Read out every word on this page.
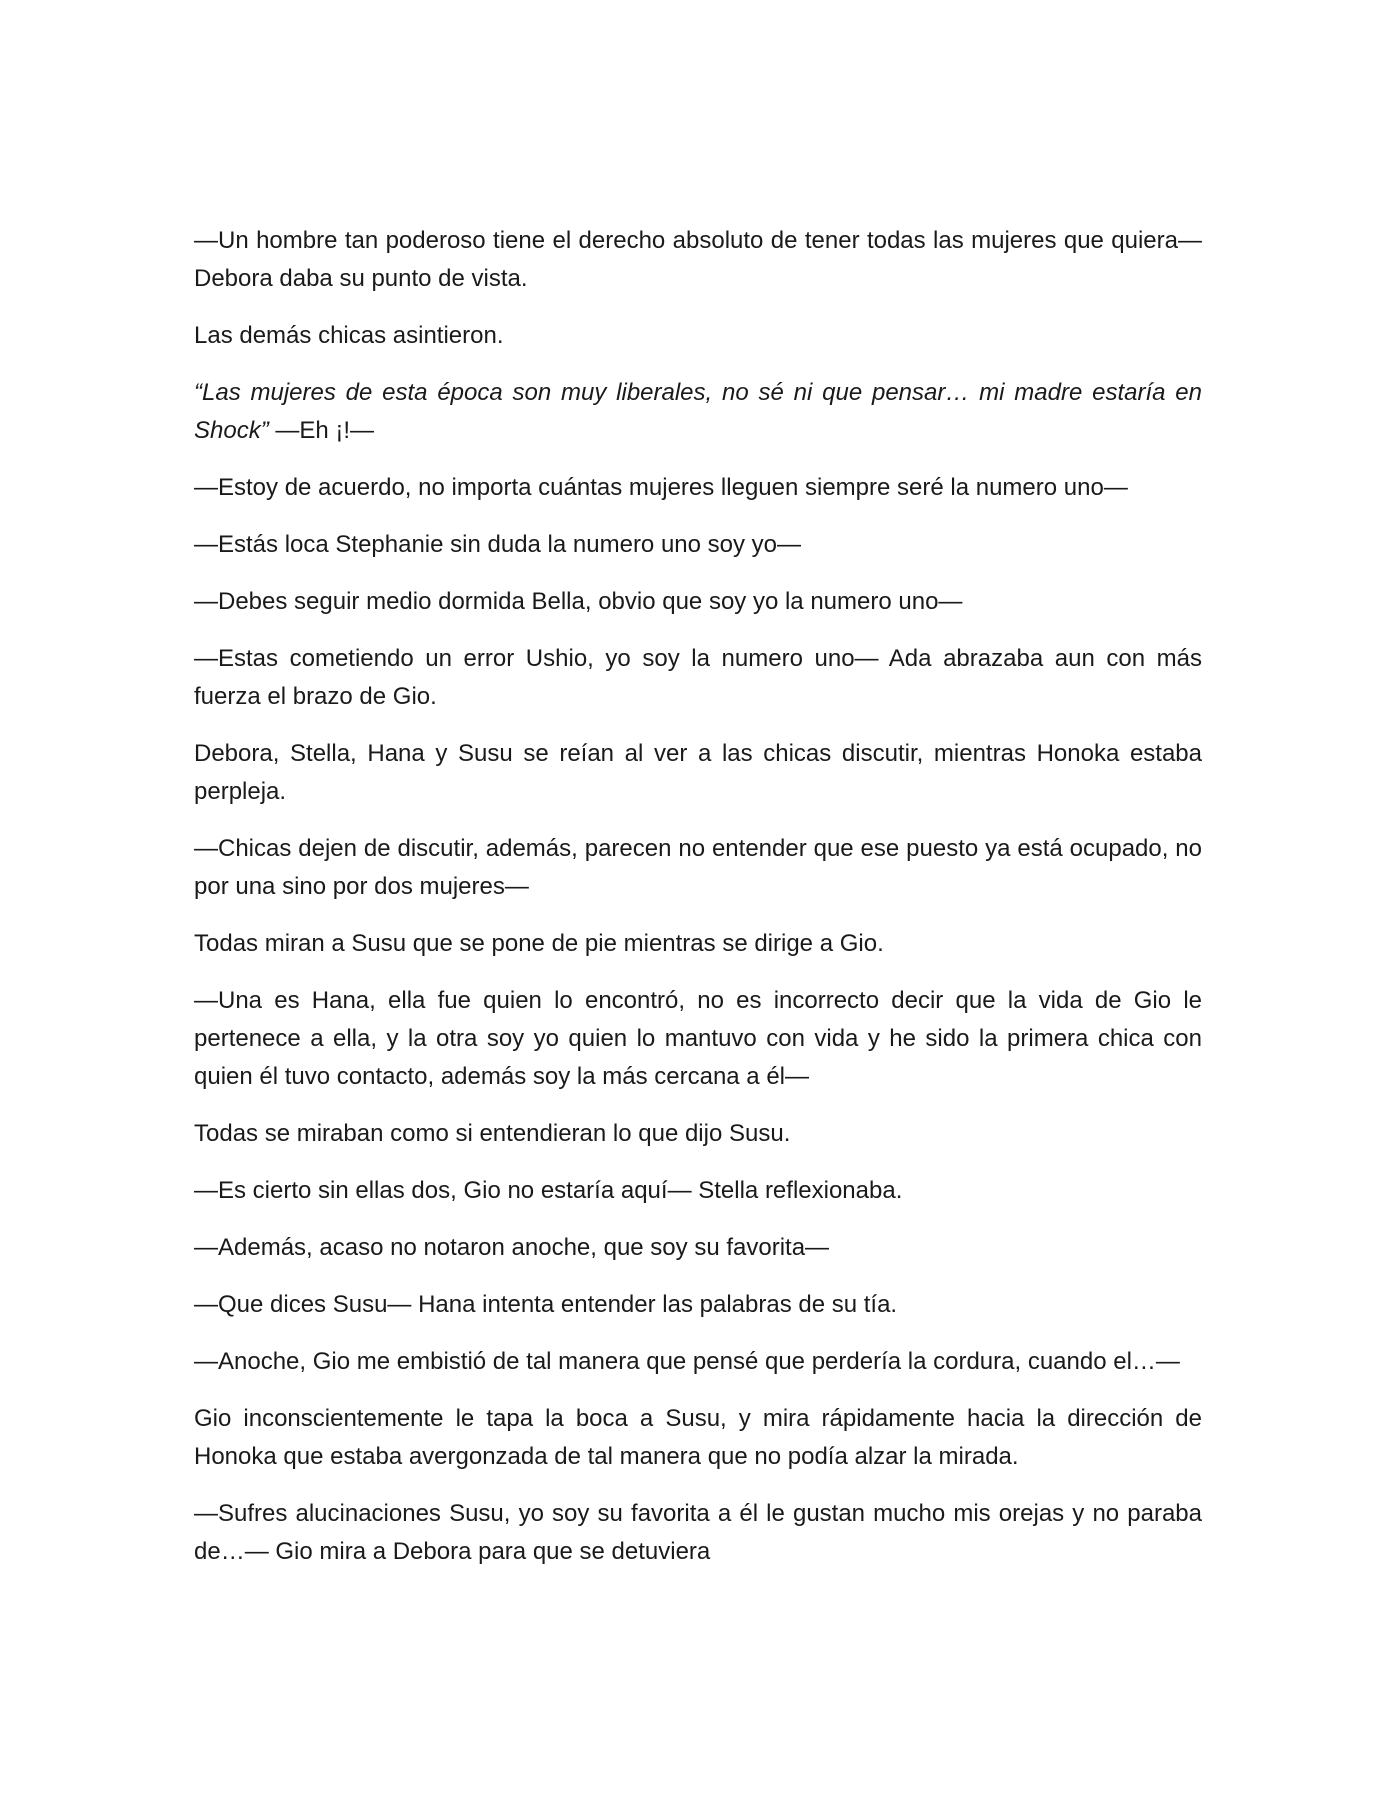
—Un hombre tan poderoso tiene el derecho absoluto de tener todas las mujeres que quiera— Debora daba su punto de vista.

Las demás chicas asintieron.

“Las mujeres de esta época son muy liberales, no sé ni que pensar… mi madre estaría en Shock” —Eh ¡!—

—Estoy de acuerdo, no importa cuántas mujeres lleguen siempre seré la numero uno—

—Estás loca Stephanie sin duda la numero uno soy yo—

—Debes seguir medio dormida Bella, obvio que soy yo la numero uno—

—Estas cometiendo un error Ushio, yo soy la numero uno— Ada abrazaba aun con más fuerza el brazo de Gio.

Debora, Stella, Hana y Susu se reían al ver a las chicas discutir, mientras Honoka estaba perpleja.

—Chicas dejen de discutir, además, parecen no entender que ese puesto ya está ocupado, no por una sino por dos mujeres—

Todas miran a Susu que se pone de pie mientras se dirige a Gio.

—Una es Hana, ella fue quien lo encontró, no es incorrecto decir que la vida de Gio le pertenece a ella, y la otra soy yo quien lo mantuvo con vida y he sido la primera chica con quien él tuvo contacto, además soy la más cercana a él—

Todas se miraban como si entendieran lo que dijo Susu.

—Es cierto sin ellas dos, Gio no estaría aquí— Stella reflexionaba.

—Además, acaso no notaron anoche, que soy su favorita—

—Que dices Susu— Hana intenta entender las palabras de su tía.

—Anoche, Gio me embistió de tal manera que pensé que perdería la cordura, cuando el…—

Gio inconscientemente le tapa la boca a Susu, y mira rápidamente hacia la dirección de Honoka que estaba avergonzada de tal manera que no podía alzar la mirada.

—Sufres alucinaciones Susu, yo soy su favorita a él le gustan mucho mis orejas y no paraba de…— Gio mira a Debora para que se detuviera
